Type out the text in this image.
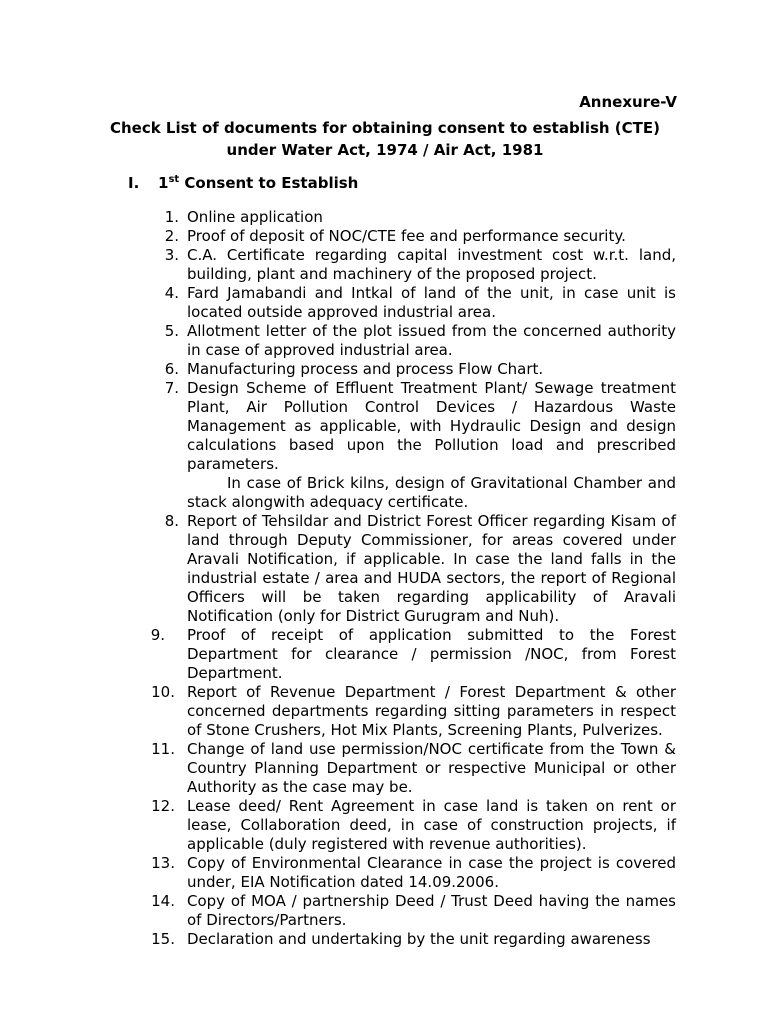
Annexure-V
Check List of documents for obtaining consent to establish (CTE)
under Water Act, 1974 / Air Act, 1981
I. 1st Consent to Establish
1. Online application
2. Proof of deposit of NOC/CTE fee and performance security.
3. C.A. Certificate regarding capital investment cost w.r.t. land, building, plant and machinery of the proposed project.
4. Fard Jamabandi and Intkal of land of the unit, in case unit is located outside approved industrial area.
5. Allotment letter of the plot issued from the concerned authority in case of approved industrial area.
6. Manufacturing process and process Flow Chart.
7. Design Scheme of Effluent Treatment Plant/ Sewage treatment Plant, Air Pollution Control Devices / Hazardous Waste Management as applicable, with Hydraulic Design and design calculations based upon the Pollution load and prescribed parameters.
In case of Brick kilns, design of Gravitational Chamber and stack alongwith adequacy certificate.
8. Report of Tehsildar and District Forest Officer regarding Kisam of land through Deputy Commissioner, for areas covered under Aravali Notification, if applicable. In case the land falls in the industrial estate / area and HUDA sectors, the report of Regional Officers will be taken regarding applicability of Aravali Notification (only for District Gurugram and Nuh).
9. Proof of receipt of application submitted to the Forest Department for clearance / permission /NOC, from Forest Department.
10. Report of Revenue Department / Forest Department & other concerned departments regarding sitting parameters in respect of Stone Crushers, Hot Mix Plants, Screening Plants, Pulverizes.
11. Change of land use permission/NOC certificate from the Town & Country Planning Department or respective Municipal or other Authority as the case may be.
12. Lease deed/ Rent Agreement in case land is taken on rent or lease, Collaboration deed, in case of construction projects, if applicable (duly registered with revenue authorities).
13. Copy of Environmental Clearance in case the project is covered under, EIA Notification dated 14.09.2006.
14. Copy of MOA / partnership Deed / Trust Deed having the names of Directors/Partners.
15. Declaration and undertaking by the unit regarding awareness
